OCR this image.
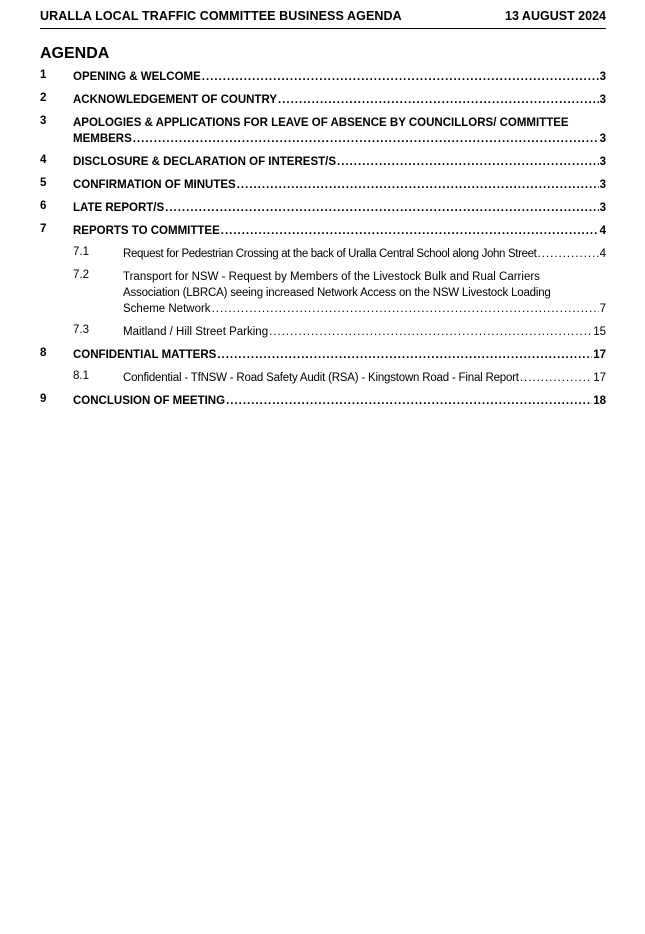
URALLA LOCAL TRAFFIC COMMITTEE BUSINESS AGENDA	13 AUGUST 2024
AGENDA
1 OPENING & WELCOME .....	3
2 ACKNOWLEDGEMENT OF COUNTRY .....	3
3 APOLOGIES & APPLICATIONS FOR LEAVE OF ABSENCE BY COUNCILLORS/ COMMITTEE
MEMBERS .....	3
4 DISCLOSURE & DECLARATION OF INTEREST/S .....	3
5 CONFIRMATION OF MINUTES .....	3
6 LATE REPORT/S .....	3
7 REPORTS TO COMMITTEE .....	4
7.1	Request for Pedestrian Crossing at the back of Uralla Central School along John Street .....	4
7.2	Transport for NSW - Request by Members of the Livestock Bulk and Rual Carriers
Association (LBRCA) seeing increased Network Access on the NSW Livestock Loading
Scheme Network .....	7
7.3	Maitland / Hill Street Parking .....	15
8 CONFIDENTIAL MATTERS .....	17
8.1	Confidential - TfNSW - Road Safety Audit (RSA) - Kingstown Road - Final Report .....	17
9 CONCLUSION OF MEETING .....	18
